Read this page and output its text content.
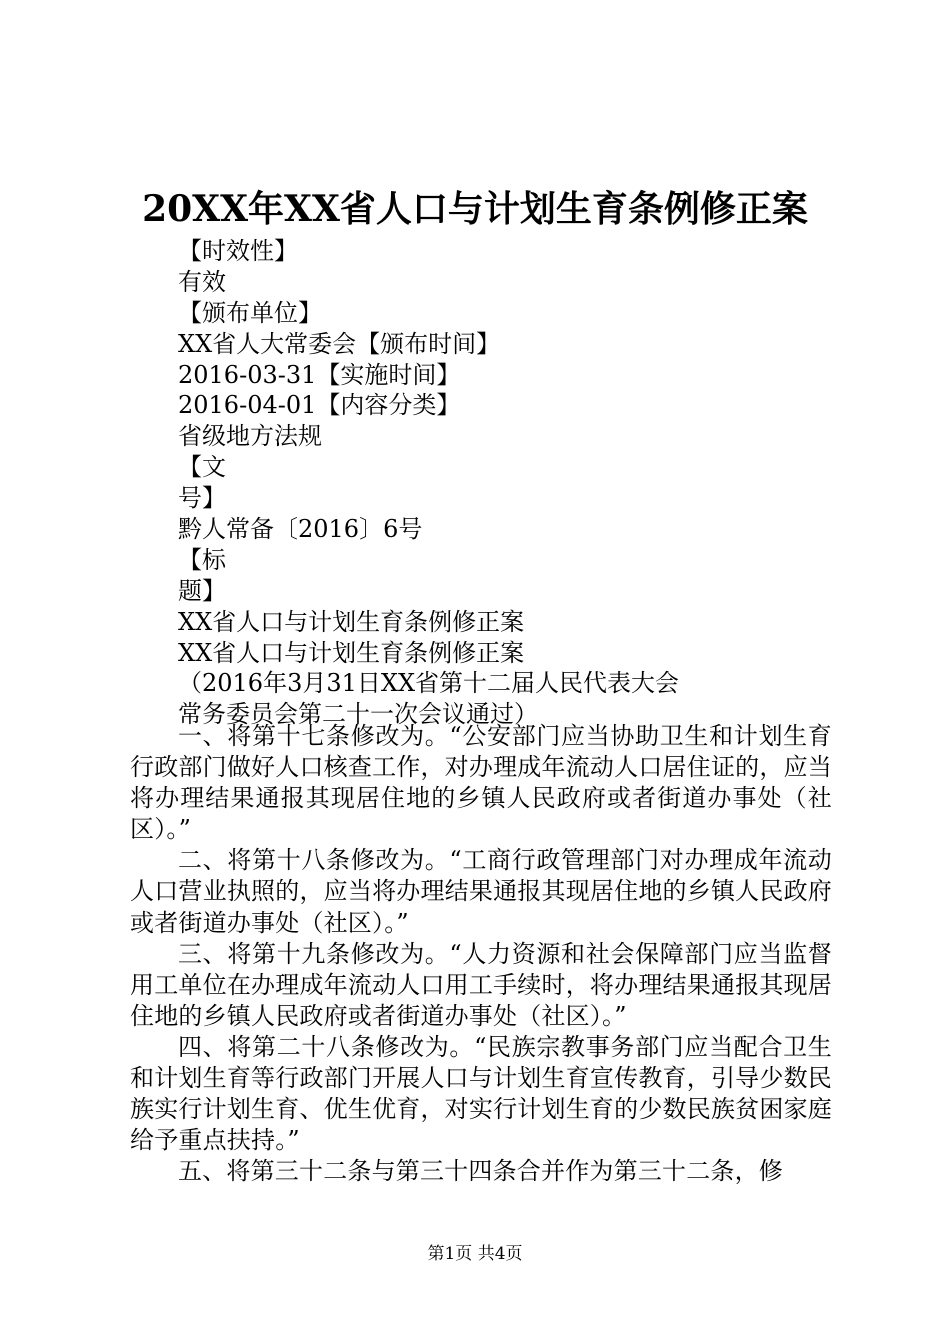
20XX年XX省人口与计划生育条例修正案
【时效性】
有效
【颁布单位】
XX省人大常委会【颁布时间】
2016-03-31【实施时间】
2016-04-01【内容分类】
省级地方法规
【文
号】
黔人常备〔2016〕6号
【标
题】
XX省人口与计划生育条例修正案
XX省人口与计划生育条例修正案
（2016年3月31日XX省第十二届人民代表大会
常务委员会第二十一次会议通过）

一、将第十七条修改为。“公安部门应当协助卫生和计划生育行政部门做好人口核查工作，对办理成年流动人口居住证的，应当将办理结果通报其现居住地的乡镇人民政府或者街道办事处（社区）。”

二、将第十八条修改为。“工商行政管理部门对办理成年流动人口营业执照的，应当将办理结果通报其现居住地的乡镇人民政府或者街道办事处（社区）。”

三、将第十九条修改为。“人力资源和社会保障部门应当监督用工单位在办理成年流动人口用工手续时，将办理结果通报其现居住地的乡镇人民政府或者街道办事处（社区）。”

四、将第二十八条修改为。“民族宗教事务部门应当配合卫生和计划生育等行政部门开展人口与计划生育宣传教育，引导少数民族实行计划生育、优生优育，对实行计划生育的少数民族贫困家庭给予重点扶持。”

五、将第三十二条与第三十四条合并作为第三十二条，修

第1页 共4页
